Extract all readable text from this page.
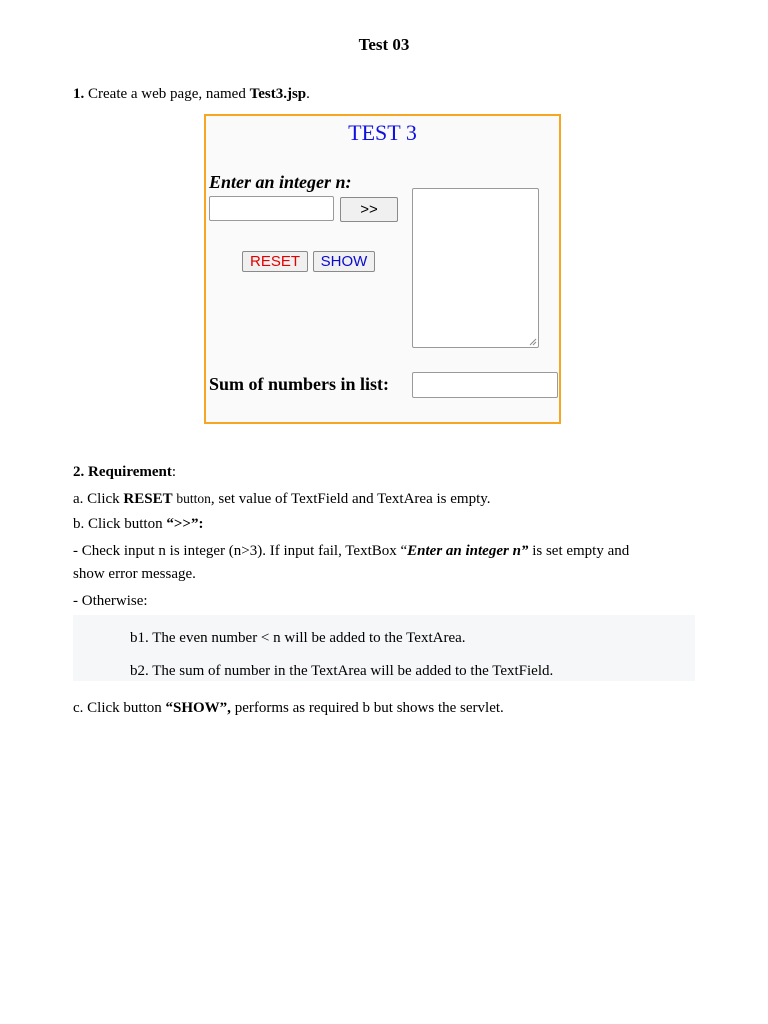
Test 03
1. Create a web page, named Test3.jsp.
TEST 3
Enter an integer n:
>>
RESET	SHOW
Sum of numbers in list:
2. Requirement:
a. Click RESET button, set value of TextField and TextArea is empty.
b. Click button “>>”:
- Check input n is integer (n>3). If input fail, TextBox “Enter an integer n” is set empty and
show error message.
- Otherwise:
b1. The even number < n will be added to the TextArea.
b2. The sum of number in the TextArea will be added to the TextField.
c. Click button “SHOW”, performs as required b but shows the servlet.
